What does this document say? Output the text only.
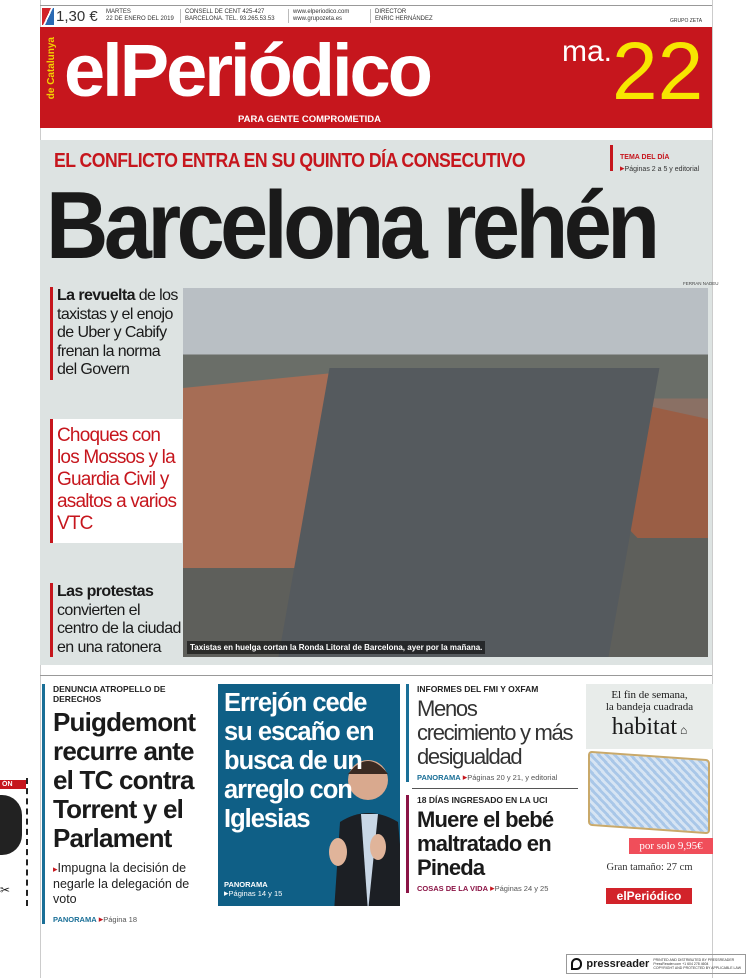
1,30 € MARTES
22 DE ENERO DEL 2019
CONSELL DE CENT 425-427
BARCELONA. TEL. 93.265.53.53
www.elperiodico.com
www.grupozeta.es
DIRECTOR
ENRIC HERNÁNDEZ	GRUPO ZETA
de Catalunya elPeriódico	ma. 22
PARA GENTE COMPROMETIDA
EL CONFLICTO ENTRA EN SU QUINTO DÍA CONSECUTIVO	TEMA DEL DÍA
▸Páginas 2 a 5 y editorial
Barcelona rehén
FERRAN NADEU
La revuelta de los taxistas y el enojo de Uber y Cabify frenan la norma del Govern
Choques con los Mossos y la Guardia Civil y asaltos a varios VTC
Las protestas convierten el centro de la ciudad en una ratonera	Taxistas en huelga cortan la Ronda Litoral de Barcelona, ayer por la mañana.
ÓN
✂
DENUNCIA ATROPELLO DE DERECHOS
Puigdemont recurre ante el TC contra Torrent y el Parlament
▸Impugna la decisión de negarle la delegación de voto
PANORAMA ▸Página 18
Errejón cede su escaño en busca de un arreglo con Iglesias
PANORAMA
▸Páginas 14 y 15
INFORMES DEL FMI Y OXFAM
Menos crecimiento y más desigualdad
PANORAMA ▸Páginas 20 y 21, y editorial
18 DÍAS INGRESADO EN LA UCI
Muere el bebé maltratado en Pineda
COSAS DE LA VIDA ▸Páginas 24 y 25
El fin de semana,
la bandeja cuadrada
habitat ⌂
por solo 9,95€
Gran tamaño: 27 cm
elPeriódico
pressreader PRINTED AND DISTRIBUTED BY PRESSREADER
PressReader.com +1 604 278 4604
COPYRIGHT AND PROTECTED BY APPLICABLE LAW
